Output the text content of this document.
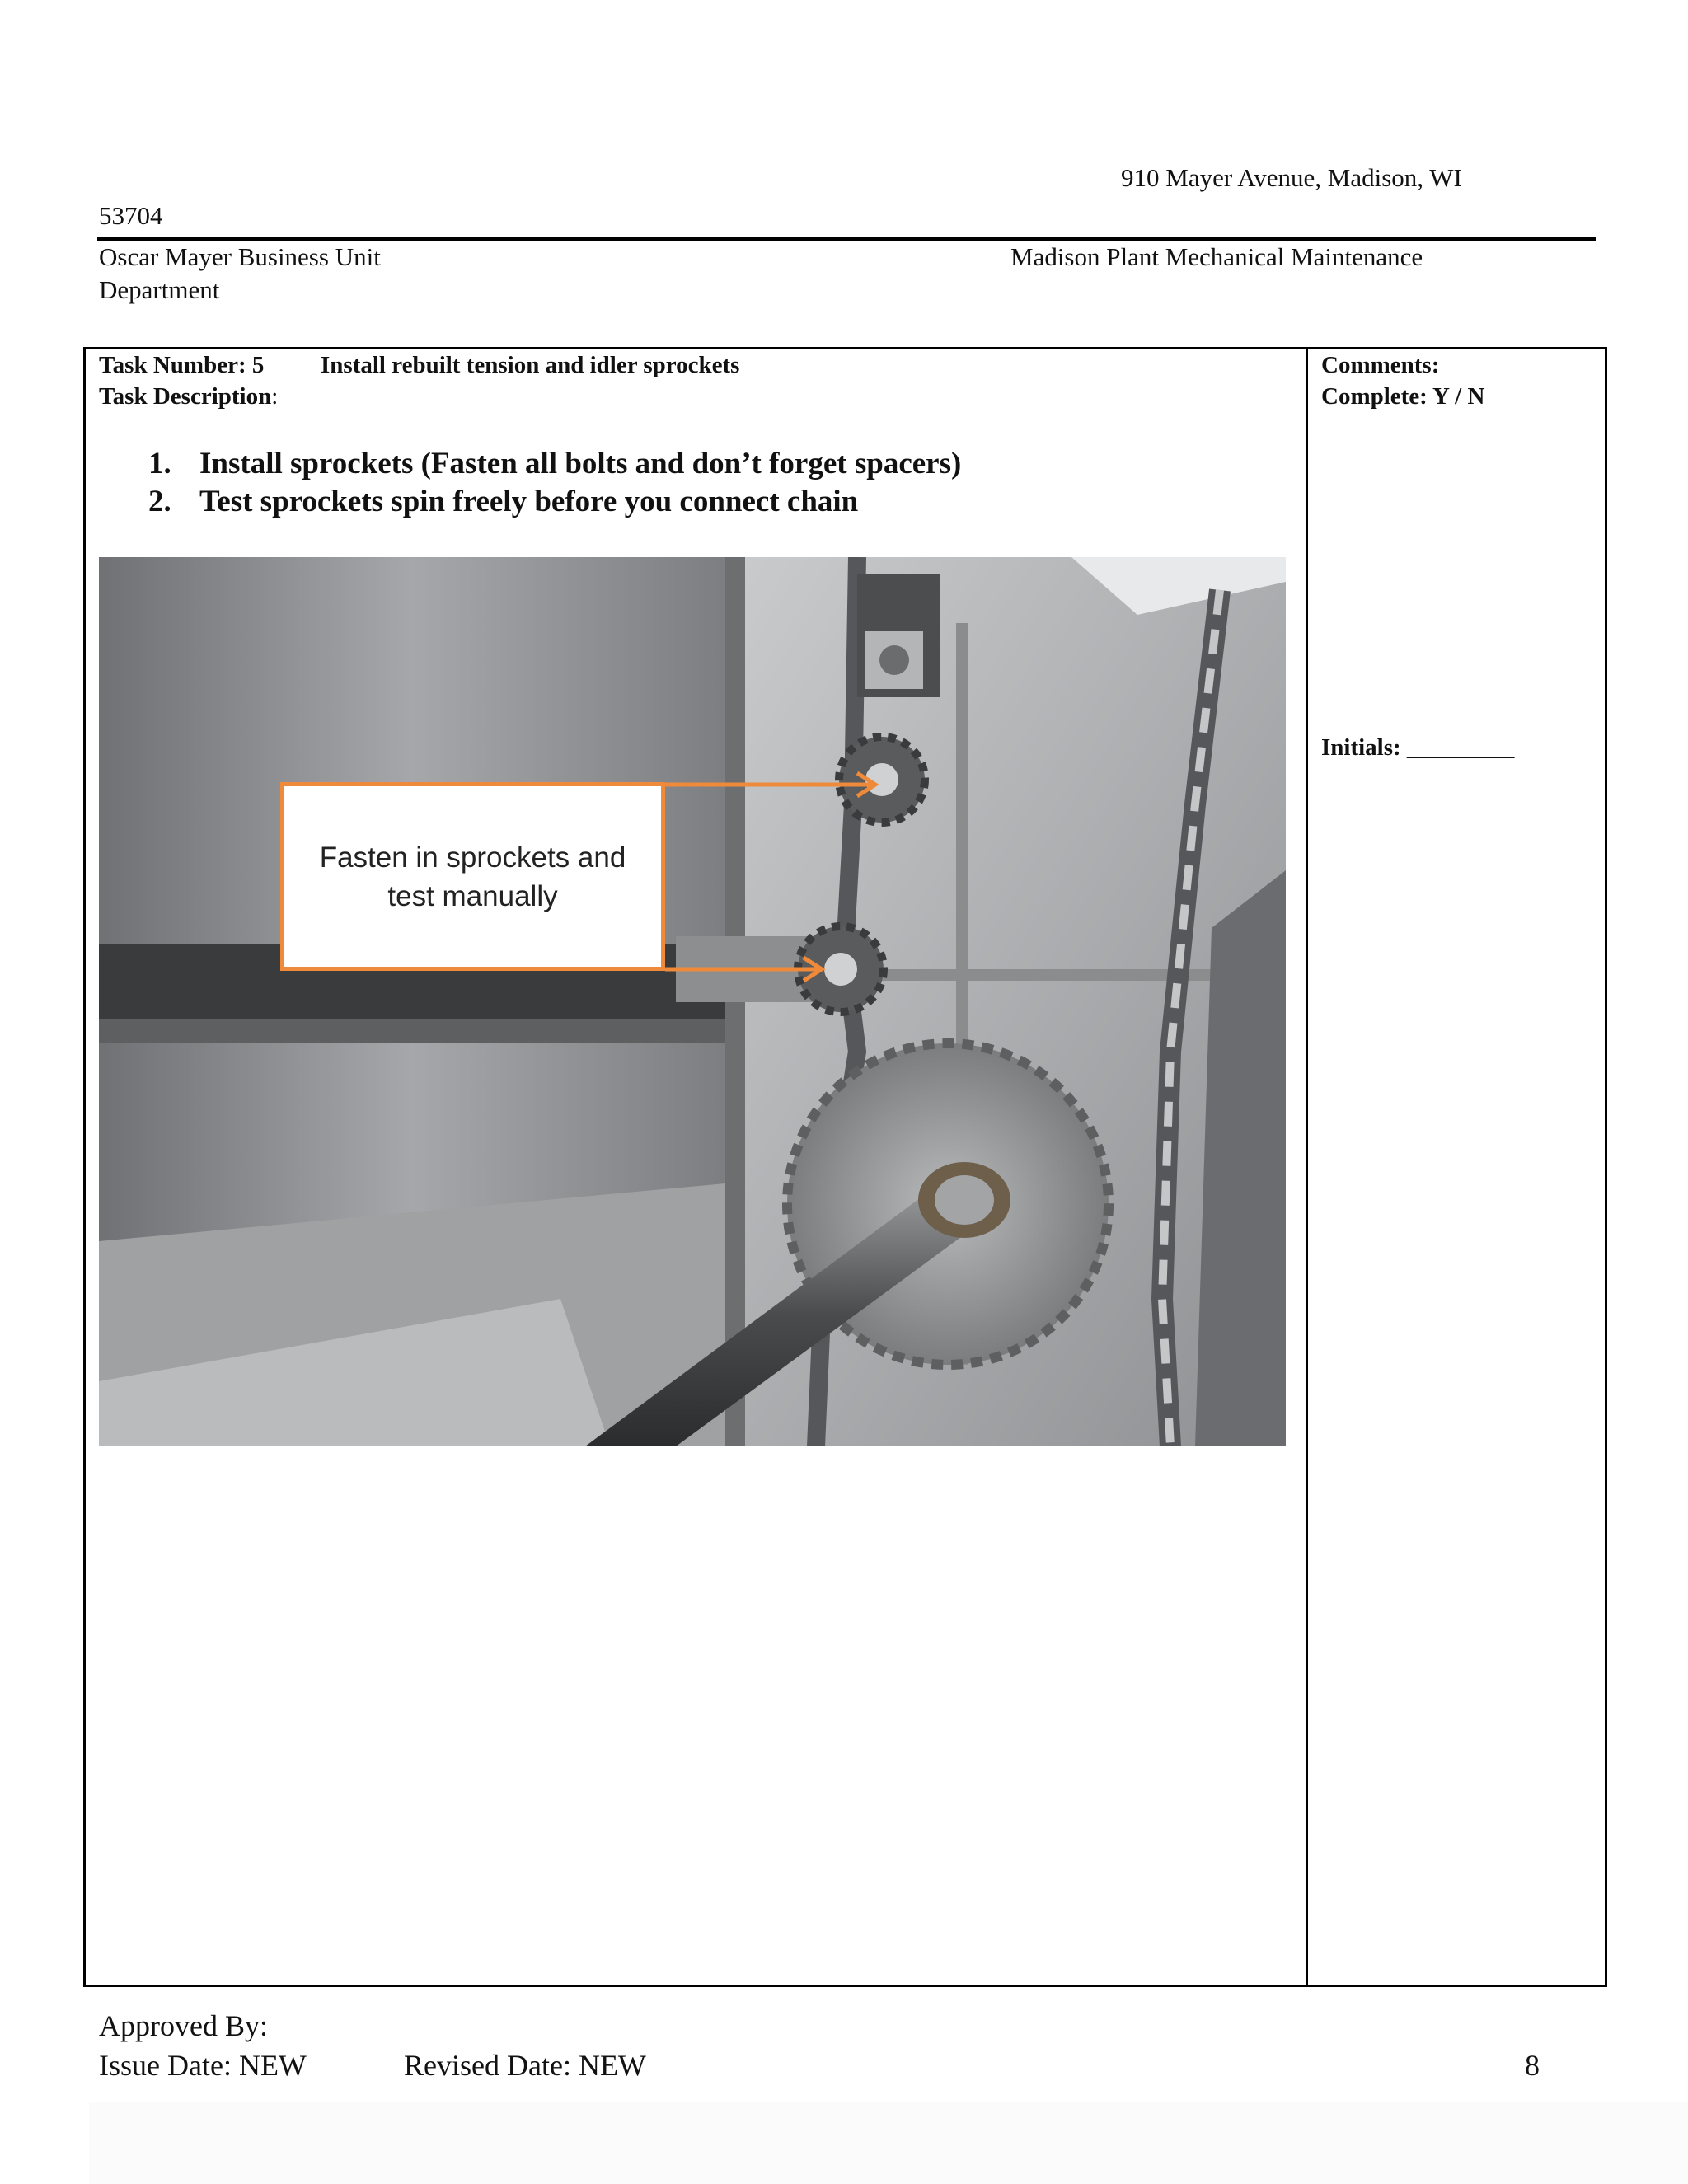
910 Mayer Avenue, Madison, WI
53704
Oscar Mayer Business Unit	Madison Plant Mechanical Maintenance
Department
Task Number: 5 Install rebuilt tension and idler sprockets
Task Description:
1. Install sprockets (Fasten all bolts and don’t forget spacers)
2. Test sprockets spin freely before you connect chain
Comments:
Complete: Y / N
Initials: _________
Fasten in sprockets and test manually
Approved By:
Issue Date: NEW	Revised Date: NEW	8
